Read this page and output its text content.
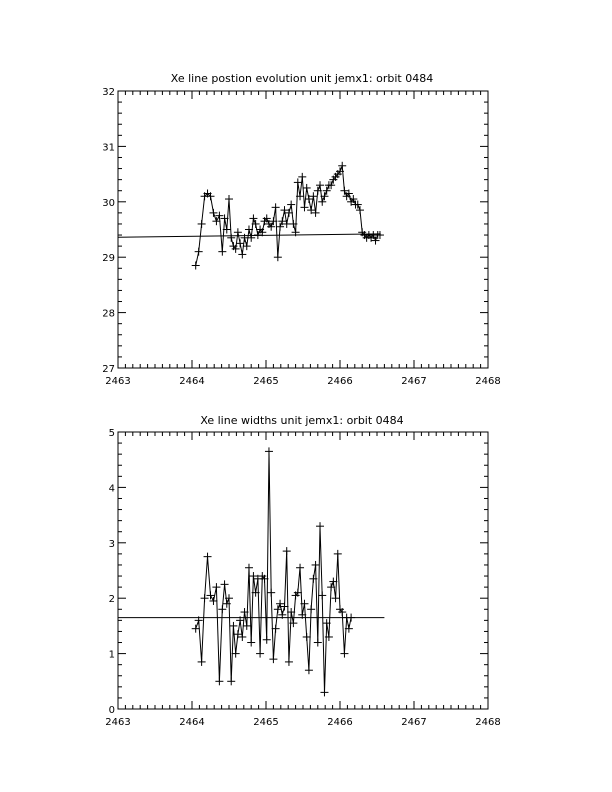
Xe line postion evolution unit jemx1: orbit 0484
2463	2464	2465	2466	2467	2468
27
28
29
30
31
32
Xe line widths unit jemx1: orbit 0484
2463	2464	2465	2466	2467	2468
0
1
2
3
4
5
